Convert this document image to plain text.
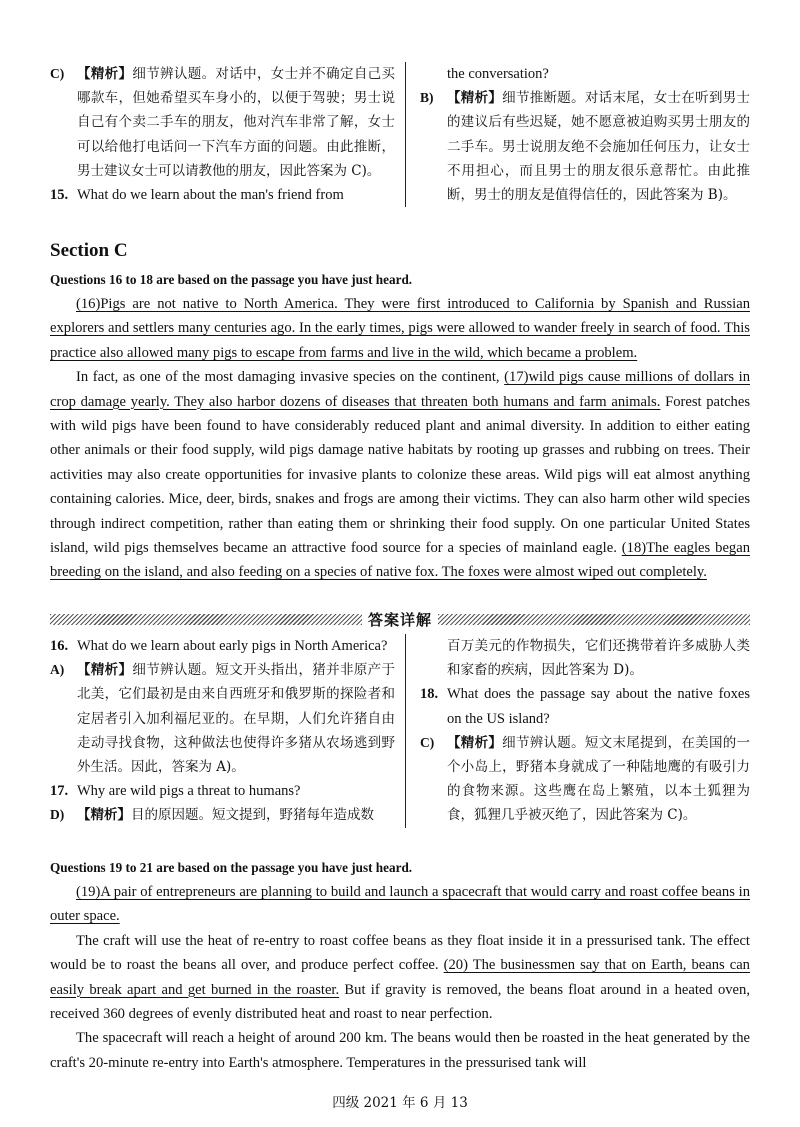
C) 【精析】细节辨认题。对话中，女士并不确定自己买哪款车，但她希望买车身小的，以便于驾驶；男士说自己有个卖二手车的朋友，他对汽车非常了解，女士可以给他打电话问一下汽车方面的问题。由此推断，男士建议女士可以请教他的朋友，因此答案为 C)。
15. What do we learn about the man's friend from
the conversation?
B)	【精析】细节推断题。对话末尾，女士在听到男士的建议后有些迟疑，她不愿意被迫购买男士朋友的二手车。男士说朋友绝不会施加任何压力，让女士不用担心，而且男士的朋友很乐意帮忙。由此推断，男士的朋友是值得信任的，因此答案为 B)。
Section C
Questions 16 to 18 are based on the passage you have just heard.

(16)Pigs are not native to North America. They were first introduced to California by Spanish and Russian explorers and settlers many centuries ago. In the early times, pigs were allowed to wander freely in search of food. This practice also allowed many pigs to escape from farms and live in the wild, which became a problem.

In fact, as one of the most damaging invasive species on the continent, (17)wild pigs cause millions of dollars in crop damage yearly. They also harbor dozens of diseases that threaten both humans and farm animals. Forest patches with wild pigs have been found to have considerably reduced plant and animal diversity. In addition to either eating other animals or their food supply, wild pigs damage native habitats by rooting up grasses and rubbing on trees. Their activities may also create opportunities for invasive plants to colonize these areas. Wild pigs will eat almost anything containing calories. Mice, deer, birds, snakes and frogs are among their victims. They can also harm other wild species through indirect competition, rather than eating them or shrinking their food supply. On one particular United States island, wild pigs themselves became an attractive food source for a species of mainland eagle. (18)The eagles began breeding on the island, and also feeding on a species of native fox. The foxes were almost wiped out completely.

答案详解
16. What do we learn about early pigs in North America?
A) 【精析】细节辨认题。短文开头指出，猪并非原产于北美，它们最初是由来自西班牙和俄罗斯的探险者和定居者引入加利福尼亚的。在早期，人们允许猪自由走动寻找食物，这种做法也使得许多猪从农场逃到野外生活。因此，答案为 A)。
17. Why are wild pigs a threat to humans?
D) 【精析】目的原因题。短文提到，野猪每年造成数
百万美元的作物损失，它们还携带着许多威胁人类和家畜的疾病，因此答案为 D)。
18. What does the passage say about the native foxes on the US island?
C) 【精析】细节辨认题。短文末尾提到，在美国的一个小岛上，野猪本身就成了一种陆地鹰的有吸引力的食物来源。这些鹰在岛上繁殖，以本土狐狸为食，狐狸几乎被灭绝了，因此答案为 C)。
Questions 19 to 21 are based on the passage you have just heard.

(19)A pair of entrepreneurs are planning to build and launch a spacecraft that would carry and roast coffee beans in outer space.

The craft will use the heat of re-entry to roast coffee beans as they float inside it in a pressurised tank. The effect would be to roast the beans all over, and produce perfect coffee. (20) The businessmen say that on Earth, beans can easily break apart and get burned in the roaster. But if gravity is removed, the beans float around in a heated oven, received 360 degrees of evenly distributed heat and roast to near perfection.

The spacecraft will reach a height of around 200 km. The beans would then be roasted in the heat generated by the craft's 20-minute re-entry into Earth's atmosphere. Temperatures in the pressurised tank will

四级 2021 年 6 月 13
